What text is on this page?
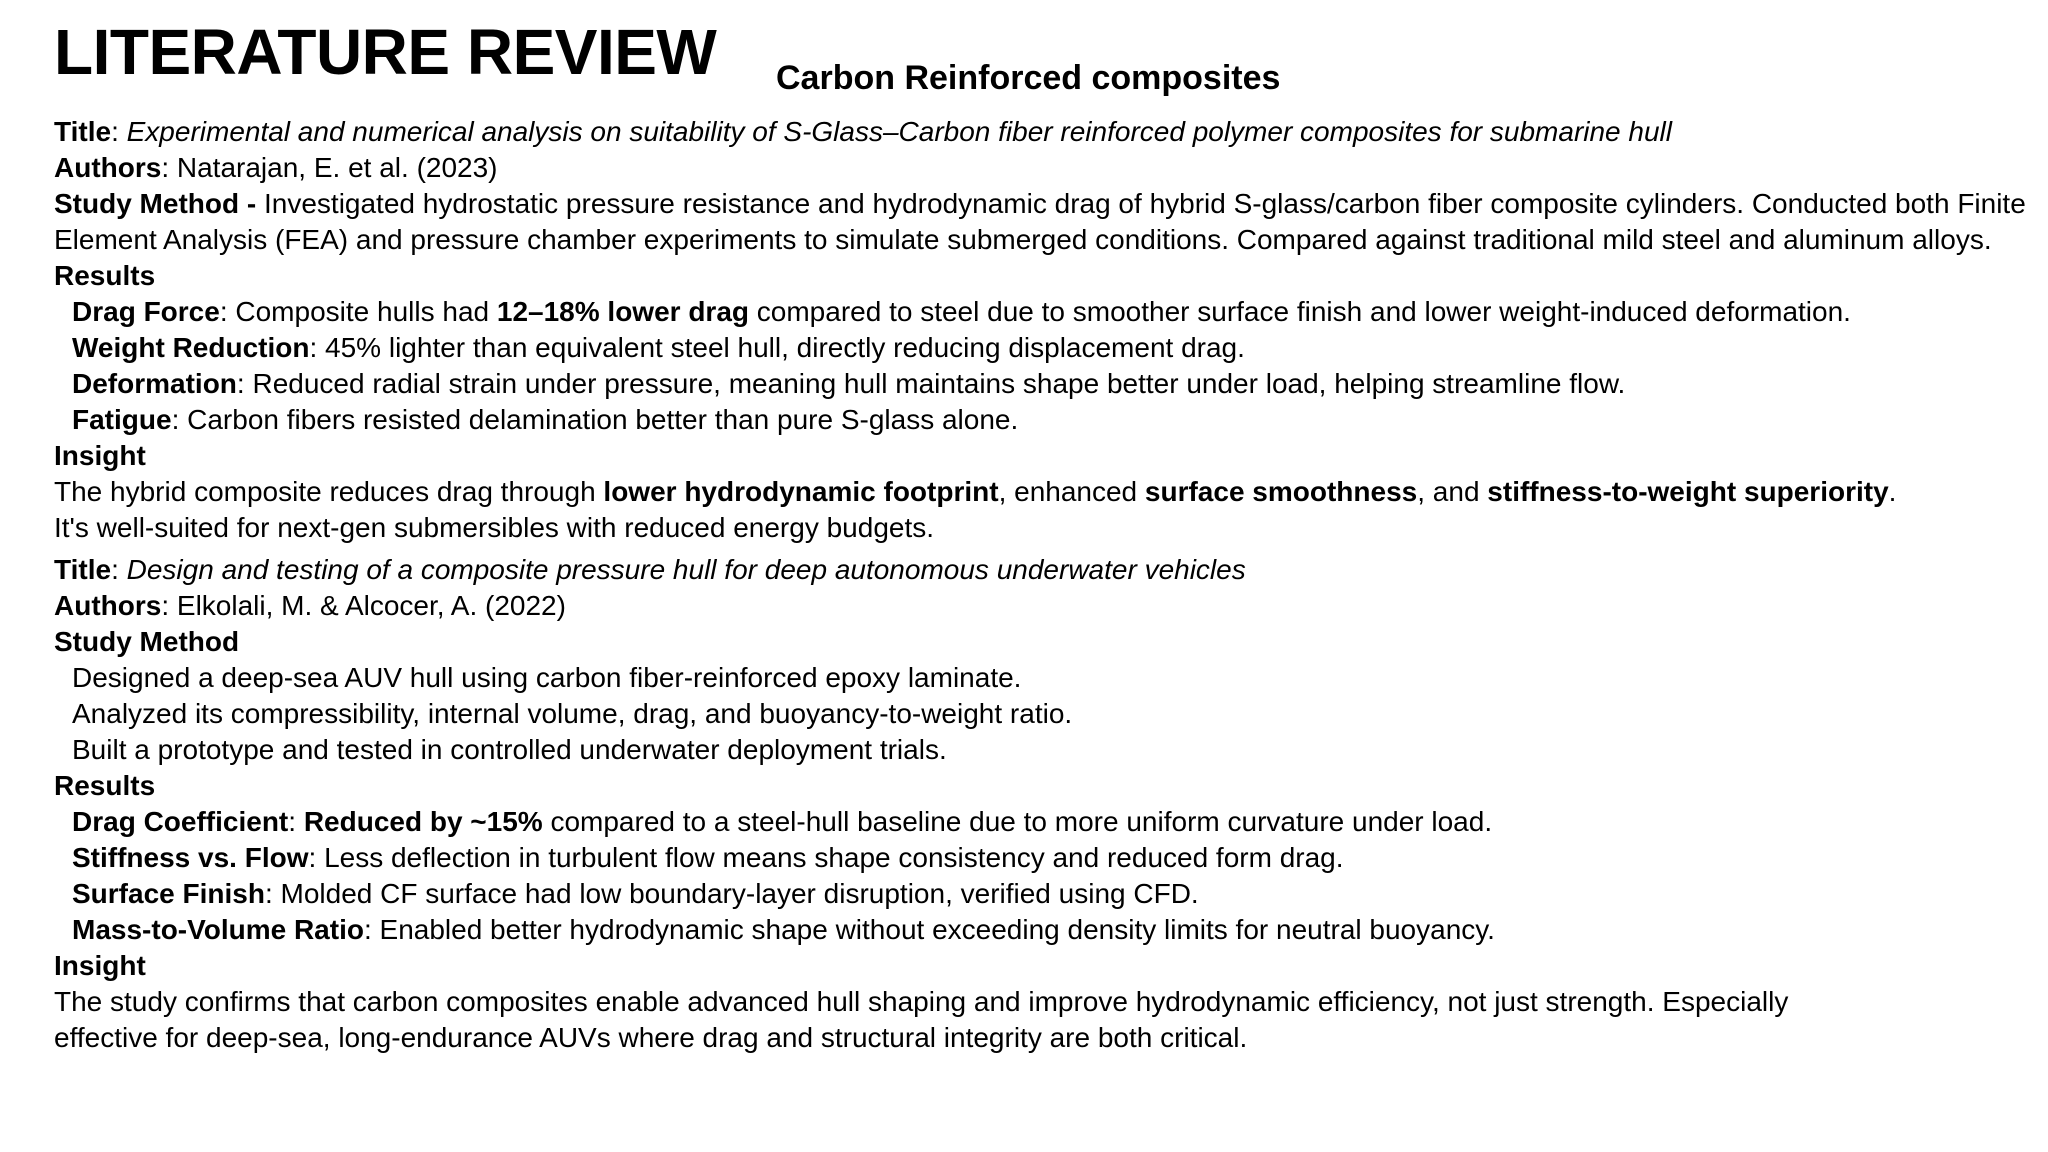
LITERATURE REVIEW Carbon Reinforced composites
Title: Experimental and numerical analysis on suitability of S-Glass–Carbon fiber reinforced polymer composites for submarine hull
Authors: Natarajan, E. et al. (2023)
Study Method - Investigated hydrostatic pressure resistance and hydrodynamic drag of hybrid S-glass/carbon fiber composite cylinders. Conducted both Finite Element Analysis (FEA) and pressure chamber experiments to simulate submerged conditions. Compared against traditional mild steel and aluminum alloys.
Results
Drag Force: Composite hulls had 12–18% lower drag compared to steel due to smoother surface finish and lower weight-induced deformation.
Weight Reduction: 45% lighter than equivalent steel hull, directly reducing displacement drag.
Deformation: Reduced radial strain under pressure, meaning hull maintains shape better under load, helping streamline flow.
Fatigue: Carbon fibers resisted delamination better than pure S-glass alone.
Insight
The hybrid composite reduces drag through lower hydrodynamic footprint, enhanced surface smoothness, and stiffness-to-weight superiority.
It's well-suited for next-gen submersibles with reduced energy budgets.
Title: Design and testing of a composite pressure hull for deep autonomous underwater vehicles
Authors: Elkolali, M. & Alcocer, A. (2022)
Study Method
Designed a deep-sea AUV hull using carbon fiber-reinforced epoxy laminate.
Analyzed its compressibility, internal volume, drag, and buoyancy-to-weight ratio.
Built a prototype and tested in controlled underwater deployment trials.
Results
Drag Coefficient: Reduced by ~15% compared to a steel-hull baseline due to more uniform curvature under load.
Stiffness vs. Flow: Less deflection in turbulent flow means shape consistency and reduced form drag.
Surface Finish: Molded CF surface had low boundary-layer disruption, verified using CFD.
Mass-to-Volume Ratio: Enabled better hydrodynamic shape without exceeding density limits for neutral buoyancy.
Insight
The study confirms that carbon composites enable advanced hull shaping and improve hydrodynamic efficiency, not just strength. Especially
effective for deep-sea, long-endurance AUVs where drag and structural integrity are both critical.
